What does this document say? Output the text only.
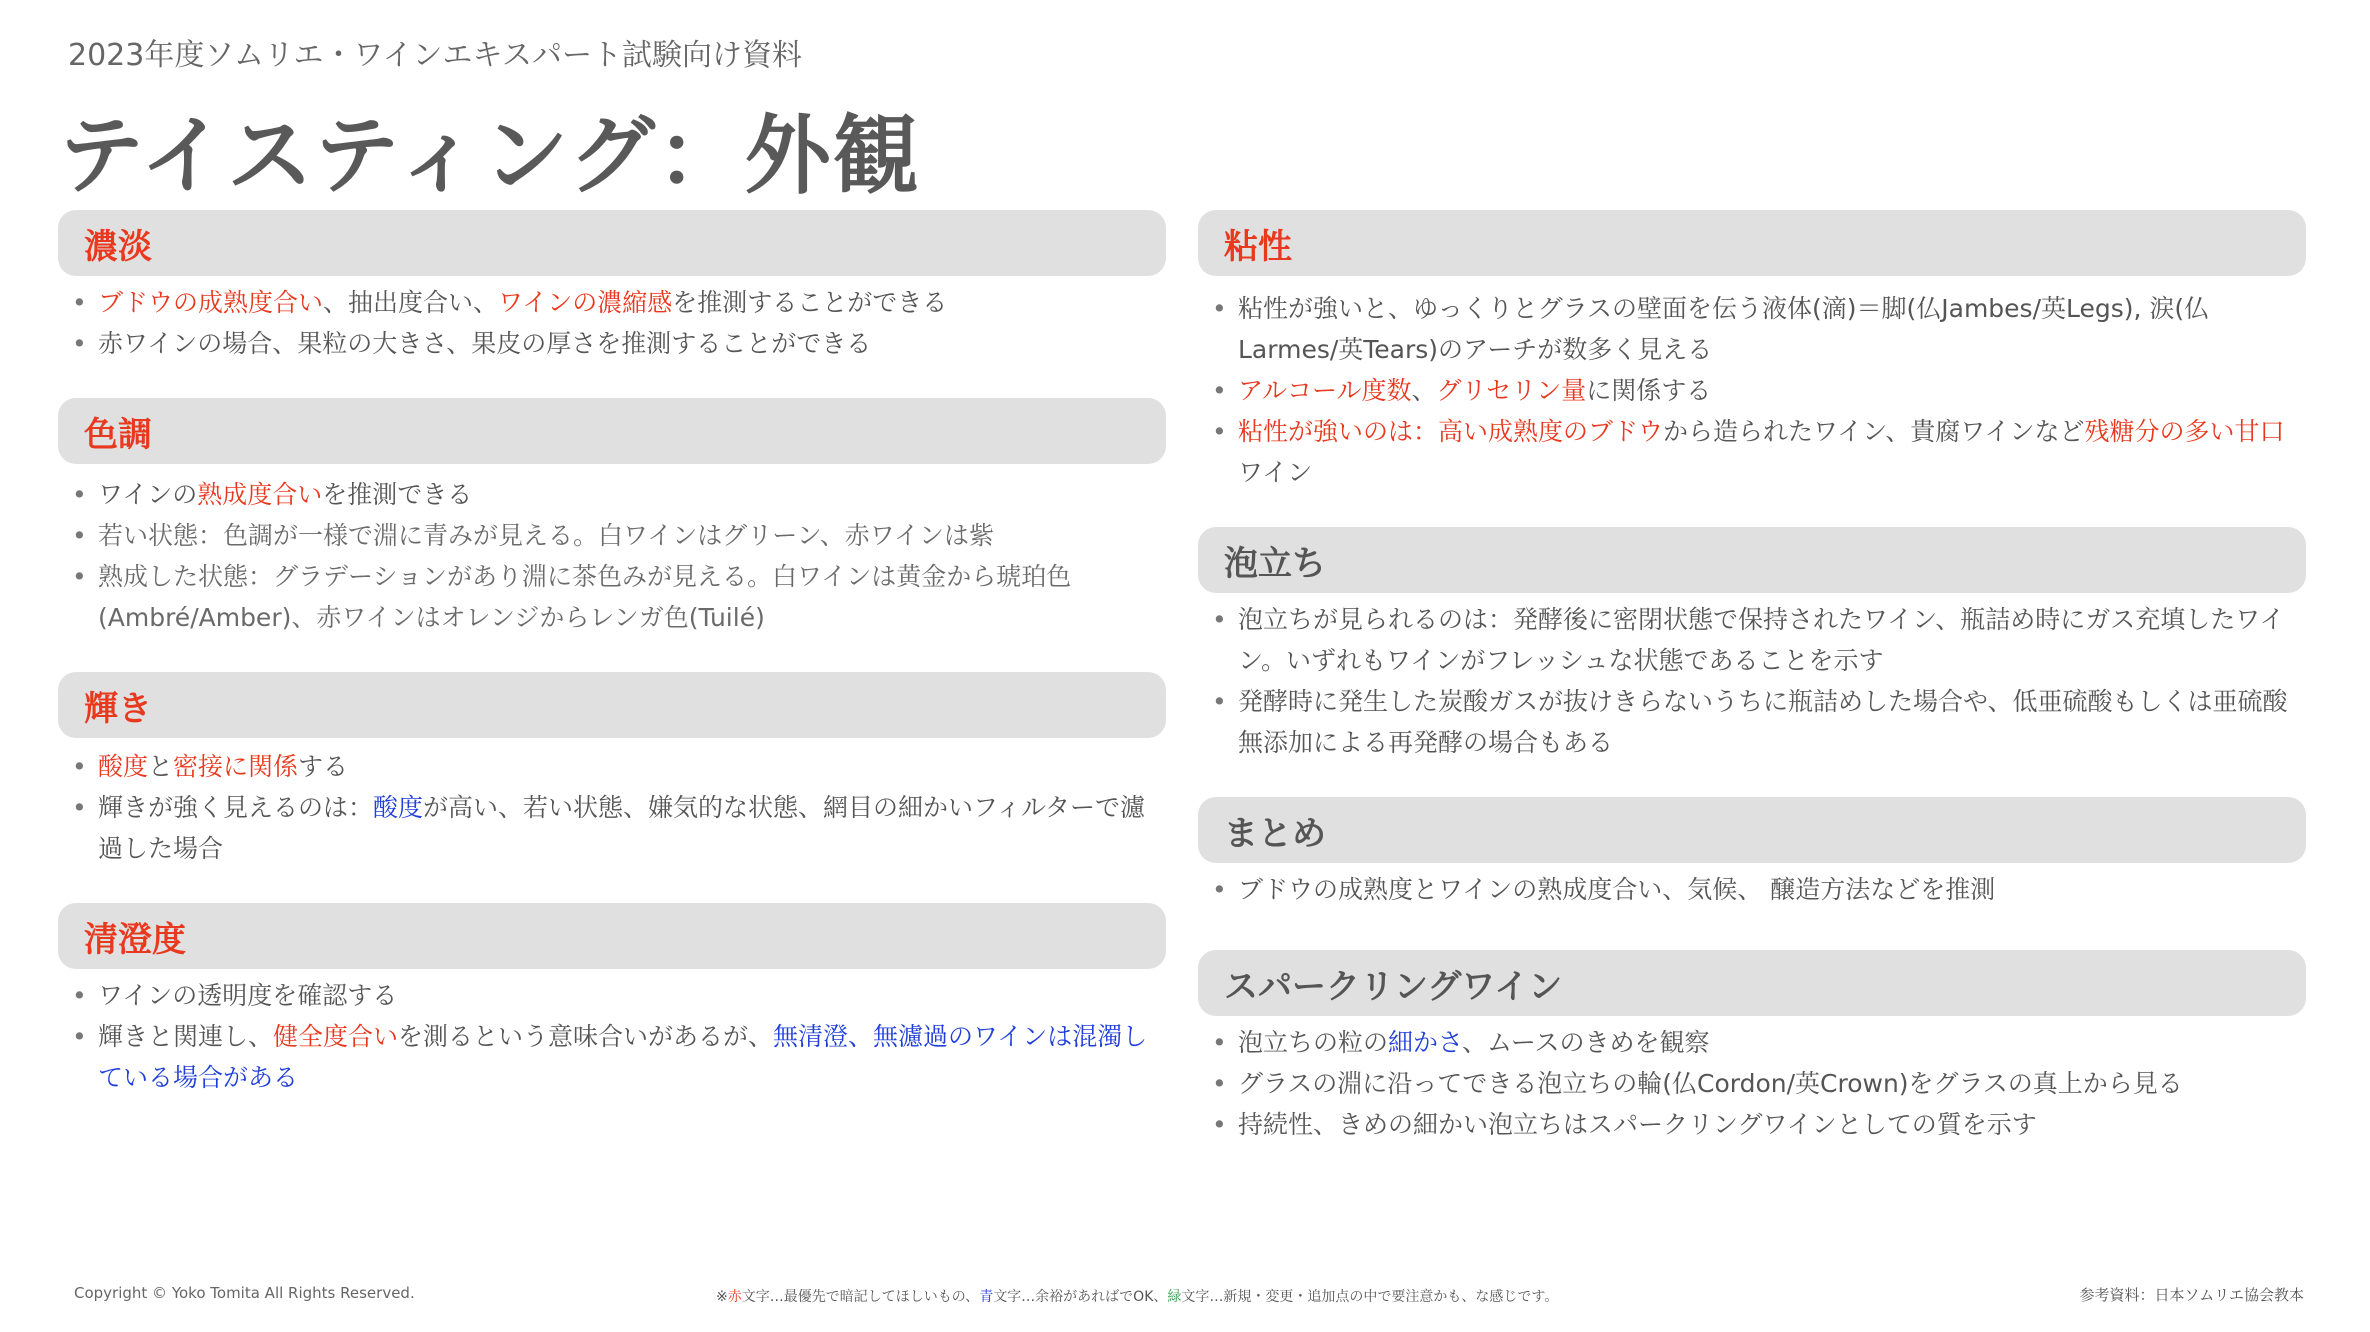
2023年度ソムリエ・ワインエキスパート試験向け資料
テイスティング：外観
濃淡
• ブドウの成熟度合い、抽出度合い、ワインの濃縮感を推測することができる
• 赤ワインの場合、果粒の大きさ、果皮の厚さを推測することができる
色調
• ワインの熟成度合いを推測できる
• 若い状態：色調が一様で淵に青みが見える。白ワインはグリーン、赤ワインは紫
• 熟成した状態：グラデーションがあり淵に茶色みが見える。白ワインは黄金から琥珀色(Ambré/Amber)、赤ワインはオレンジからレンガ色(Tuilé)
輝き
• 酸度と密接に関係する
• 輝きが強く見えるのは：酸度が高い、若い状態、嫌気的な状態、網目の細かいフィルターで濾過した場合
清澄度
• ワインの透明度を確認する
• 輝きと関連し、健全度合いを測るという意味合いがあるが、無清澄、無濾過のワインは混濁している場合がある
粘性
• 粘性が強いと、ゆっくりとグラスの壁面を伝う液体(滴)＝脚(仏Jambes/英Legs), 涙(仏Larmes/英Tears)のアーチが数多く見える
• アルコール度数、グリセリン量に関係する
• 粘性が強いのは：高い成熟度のブドウから造られたワイン、貴腐ワインなど残糖分の多い甘口ワイン
泡立ち
• 泡立ちが見られるのは：発酵後に密閉状態で保持されたワイン、瓶詰め時にガス充填したワイン。いずれもワインがフレッシュな状態であることを示す
• 発酵時に発生した炭酸ガスが抜けきらないうちに瓶詰めした場合や、低亜硫酸もしくは亜硫酸無添加による再発酵の場合もある
まとめ
• ブドウの成熟度とワインの熟成度合い、気候、 醸造方法などを推測
スパークリングワイン
• 泡立ちの粒の細かさ、ムースのきめを観察
• グラスの淵に沿ってできる泡立ちの輪(仏Cordon/英Crown)をグラスの真上から見る
• 持続性、きめの細かい泡立ちはスパークリングワインとしての質を示す
Copyright © Yoko Tomita All Rights Reserved.	※赤文字…最優先で暗記してほしいもの、青文字…余裕があればでOK、緑文字…新規・変更・追加点の中で要注意かも、な感じです。	参考資料：日本ソムリエ協会教本
